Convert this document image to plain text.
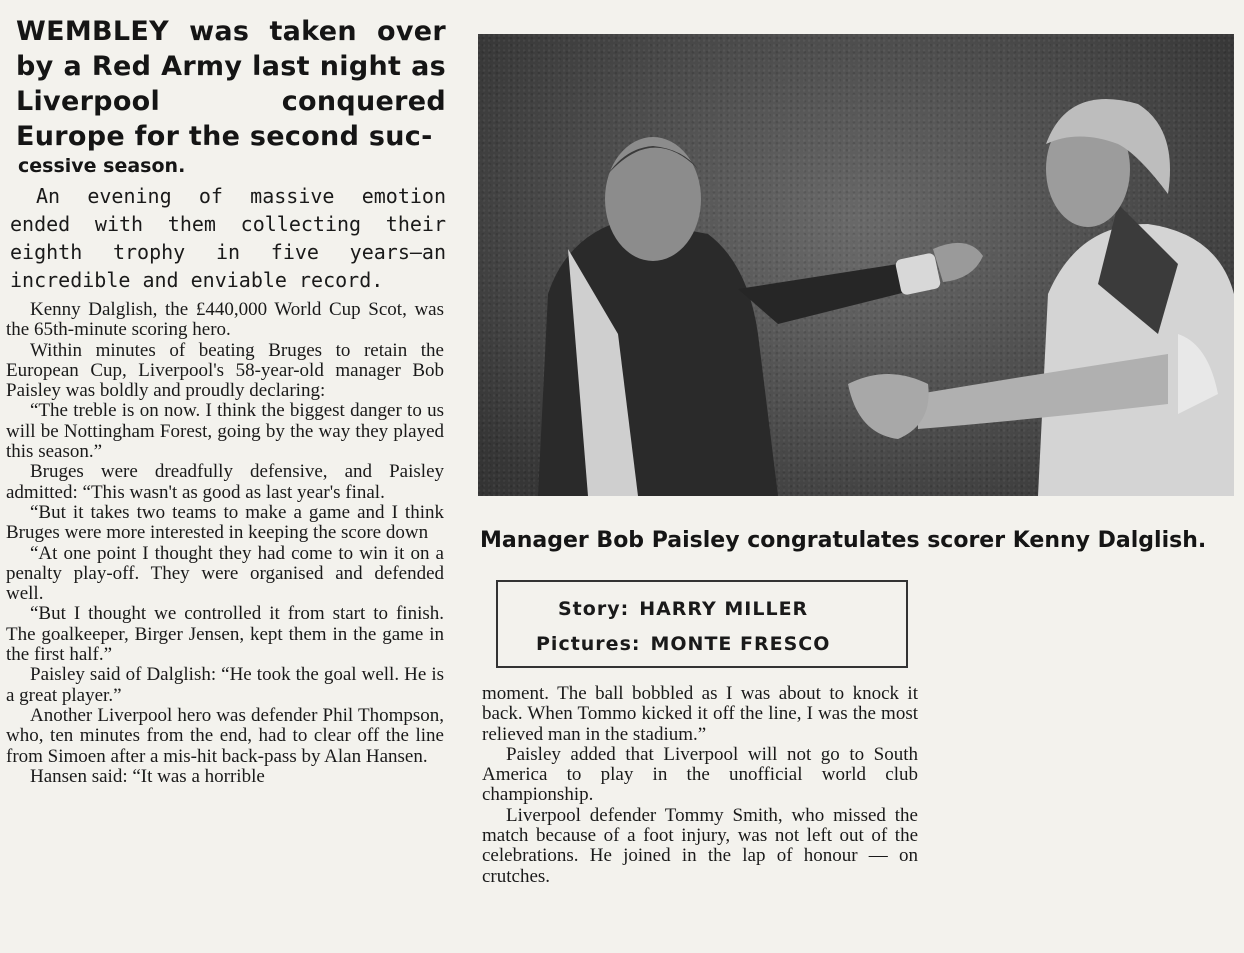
WEMBLEY was taken over by a Red Army last night as Liverpool conquered Europe for the second suc-
cessive season.
An evening of massive emotion ended with them collecting their eighth trophy in five years—an incredible and enviable record.

Kenny Dalglish, the £440,000 World Cup Scot, was the 65th-minute scoring hero.

Within minutes of beating Bruges to retain the European Cup, Liverpool's 58-year-old manager Bob Paisley was boldly and proudly declaring:

“The treble is on now. I think the biggest danger to us will be Nottingham Forest, going by the way they played this season.”

Bruges were dreadfully defensive, and Paisley admitted: “This wasn't as good as last year's final.

“But it takes two teams to make a game and I think Bruges were more interested in keeping the score down

“At one point I thought they had come to win it on a penalty play-off. They were organised and defended well.

“But I thought we controlled it from start to finish. The goalkeeper, Birger Jensen, kept them in the game in the first half.”

Paisley said of Dalglish: “He took the goal well. He is a great player.”

Another Liverpool hero was defender Phil Thompson, who, ten minutes from the end, had to clear off the line from Simoen after a mis-hit back-pass by Alan Hansen.

Hansen said: “It was a horrible

Manager Bob Paisley congratulates scorer Kenny Dalglish.
Story: HARRY MILLER
Pictures: MONTE FRESCO

moment. The ball bobbled as I was about to knock it back. When Tommo kicked it off the line, I was the most relieved man in the stadium.”

Paisley added that Liverpool will not go to South America to play in the unofficial world club championship.

Liverpool defender Tommy Smith, who missed the match because of a foot injury, was not left out of the celebrations. He joined in the lap of honour — on crutches.
